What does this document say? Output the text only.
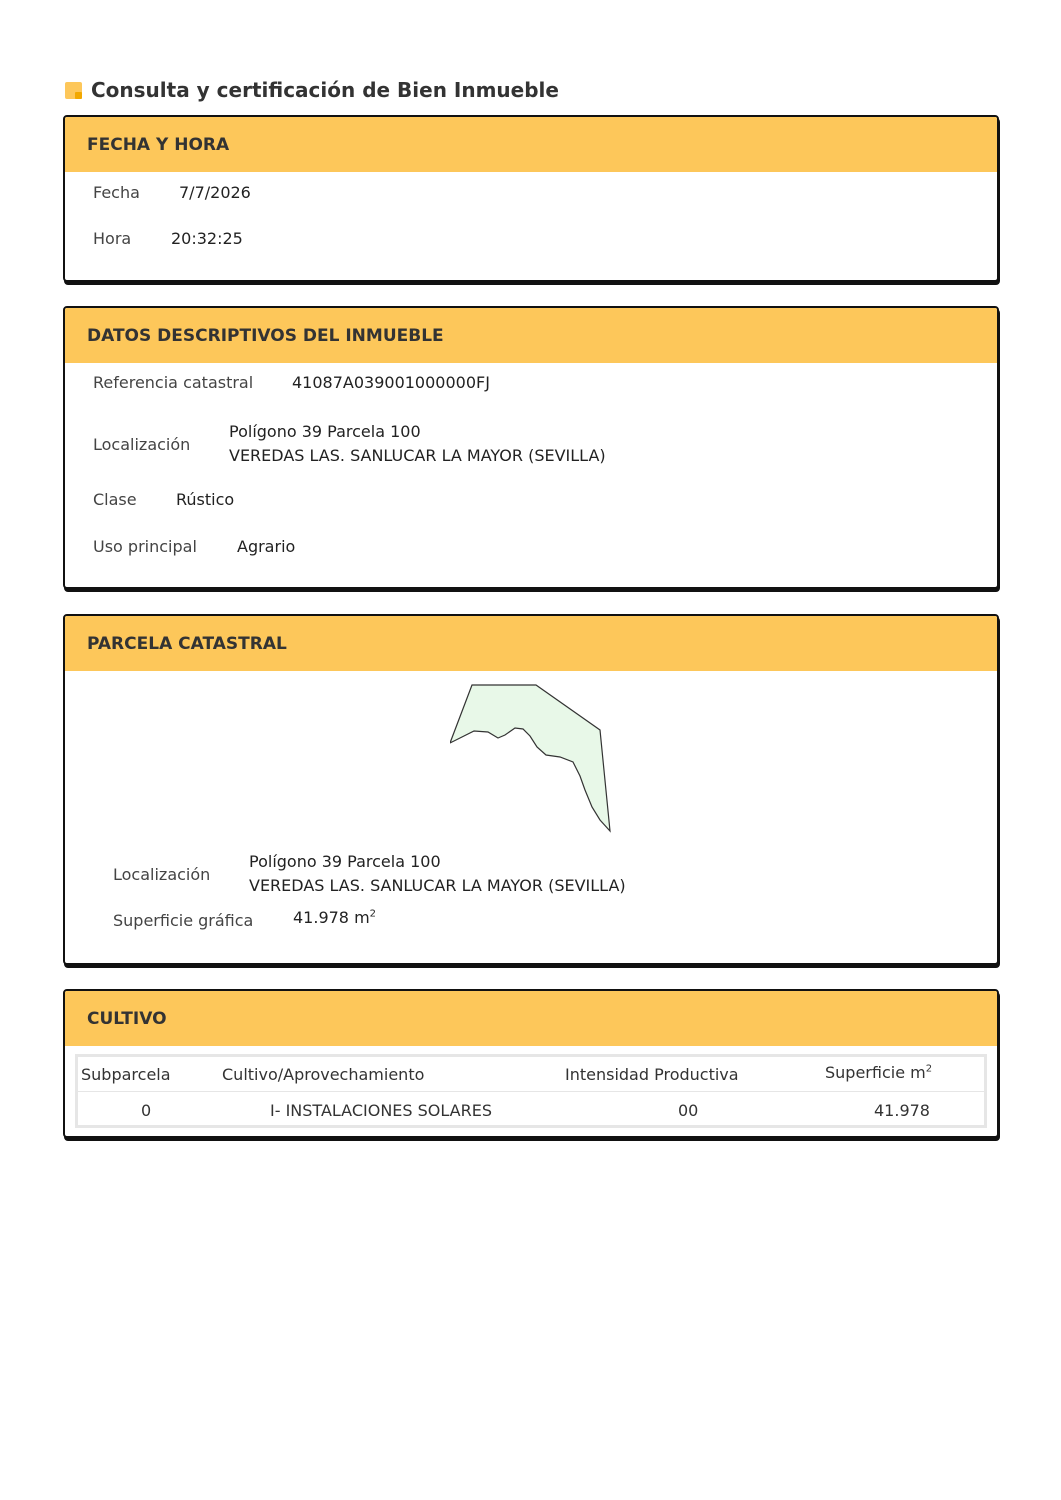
Consulta y certificación de Bien Inmueble
FECHA Y HORA
Fecha	7/7/2026
Hora	20:32:25
DATOS DESCRIPTIVOS DEL INMUEBLE
Referencia catastral	41087A039001000000FJ
Localización
Polígono 39 Parcela 100
VEREDAS LAS. SANLUCAR LA MAYOR (SEVILLA)
Clase	Rústico
Uso principal	Agrario
PARCELA CATASTRAL
Localización
Polígono 39 Parcela 100
VEREDAS LAS. SANLUCAR LA MAYOR (SEVILLA)
Superficie gráfica	41.978 $m^2$
CULTIVO
Subparcela	Cultivo/Aprovechamiento	Intensidad Productiva	Superficie $m^2$
0	I- INSTALACIONES SOLARES	00	41.978
